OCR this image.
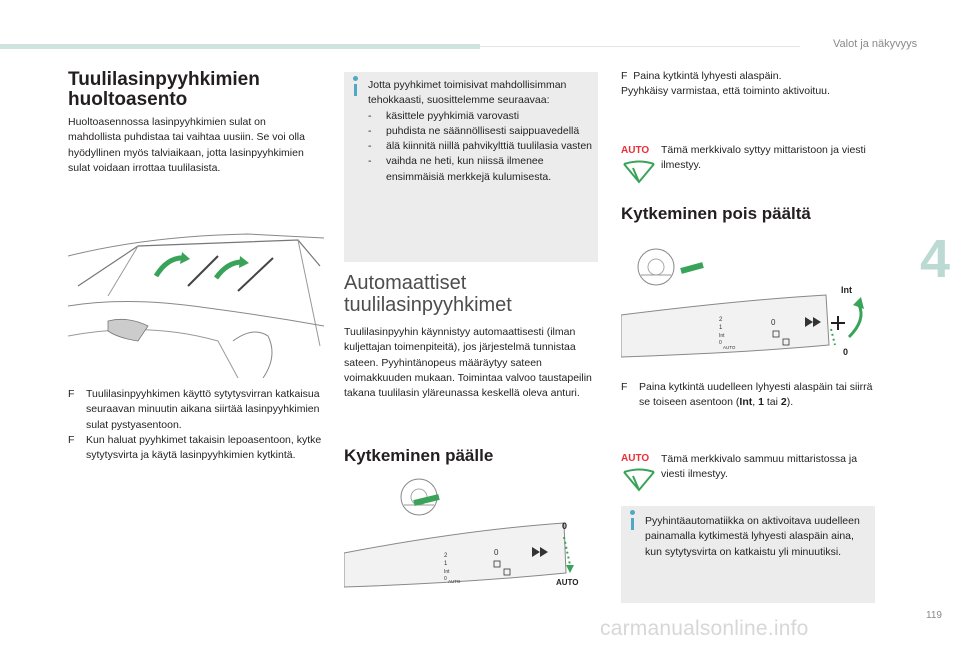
Valot ja näkyvyys
4
119
carmanualsonline.info
Tuulilasinpyyhkimien huoltoasento

Huoltoasennossa lasinpyyhkimien sulat on mahdollista puhdistaa tai vaihtaa uusiin. Se voi olla hyödyllinen myös talviaikaan, jotta lasinpyyhkimien sulat voidaan irrottaa tuulilasista.

F Tuulilasinpyyhkimen käyttö sytytysvirran katkaisua seuraavan minuutin aikana siirtää lasinpyyhkimien sulat pystyasentoon.
F Kun haluat pyyhkimet takaisin lepoasentoon, kytke sytytysvirta ja käytä lasinpyyhkimien kytkintä.

Jotta pyyhkimet toimisivat mahdollisimman tehokkaasti, suosittelemme seuraavaa:

- käsittele pyyhkimiä varovasti
- puhdista ne säännöllisesti saippuavedellä
- älä kiinnitä niillä pahvikylttiä tuulilasia vasten
- vaihda ne heti, kun niissä ilmenee ensimmäisiä merkkejä kulumisesta.
Automaattiset tuulilasinpyyhkimet

Tuulilasinpyyhin käynnistyy automaattisesti (ilman kuljettajan toimenpiteitä), jos järjestelmä tunnistaa sateen. Pyyhintänopeus määräytyy sateen voimakkuuden mukaan. Toimintaa valvoo taustapeilin takana tuulilasin yläreunassa keskellä oleva anturi.

Kytkeminen päälle
2
1
Int
0 AUTO
0
0
AUTO

F Paina kytkintä lyhyesti alaspäin.

Pyyhkäisy varmistaa, että toiminto aktivoituu.

AUTO Tämä merkkivalo syttyy mittaristoon ja viesti ilmestyy.

Kytkeminen pois päältä
2
1
Int
0
AUTO
0
Int
0
F Paina kytkintä uudelleen lyhyesti alaspäin tai siirrä se toiseen asentoon (Int, 1 tai 2).
AUTO Tämä merkkivalo sammuu mittaristossa ja viesti ilmestyy.

Pyyhintäautomatiikka on aktivoitava uudelleen painamalla kytkimestä lyhyesti alaspäin aina, kun sytytysvirta on katkaistu yli minuutiksi.
